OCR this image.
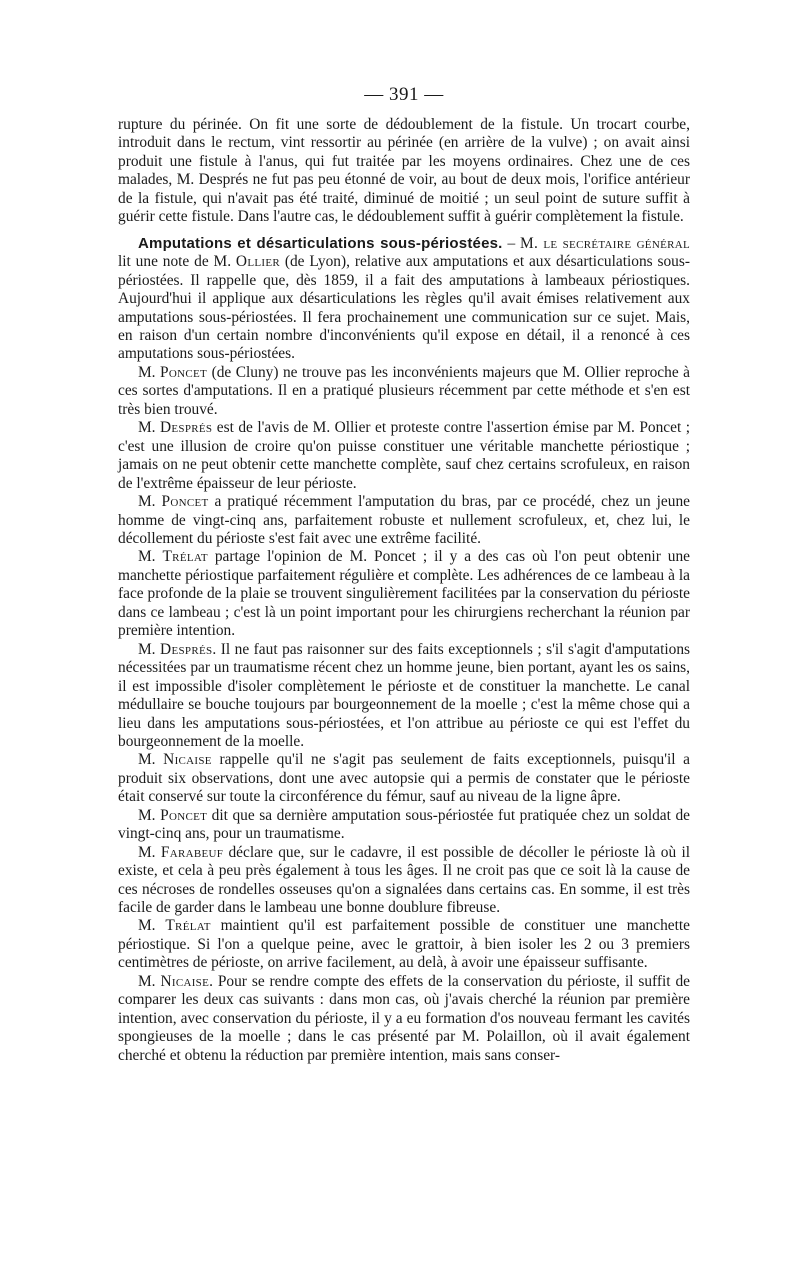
— 391 —

rupture du périnée. On fit une sorte de dédoublement de la fistule. Un trocart courbe, introduit dans le rectum, vint ressortir au périnée (en arrière de la vulve) ; on avait ainsi produit une fistule à l'anus, qui fut traitée par les moyens ordinaires. Chez une de ces malades, M. Després ne fut pas peu étonné de voir, au bout de deux mois, l'orifice antérieur de la fistule, qui n'avait pas été traité, diminué de moitié ; un seul point de suture suffit à guérir cette fistule. Dans l'autre cas, le dédoublement suffit à guérir complètement la fistule.

Amputations et désarticulations sous-périostées. – M. le secrétaire général lit une note de M. Ollier (de Lyon), relative aux amputations et aux désarticulations sous-périostées. Il rappelle que, dès 1859, il a fait des amputations à lambeaux périostiques. Aujourd'hui il applique aux désarticulations les règles qu'il avait émises relativement aux amputations sous-périostées. Il fera prochainement une communication sur ce sujet. Mais, en raison d'un certain nombre d'inconvénients qu'il expose en détail, il a renoncé à ces amputations sous-périostées.

M. Poncet (de Cluny) ne trouve pas les inconvénients majeurs que M. Ollier reproche à ces sortes d'amputations. Il en a pratiqué plusieurs récemment par cette méthode et s'en est très bien trouvé.

M. Després est de l'avis de M. Ollier et proteste contre l'assertion émise par M. Poncet ; c'est une illusion de croire qu'on puisse constituer une véritable manchette périostique ; jamais on ne peut obtenir cette manchette complète, sauf chez certains scrofuleux, en raison de l'extrême épaisseur de leur périoste.

M. Poncet a pratiqué récemment l'amputation du bras, par ce procédé, chez un jeune homme de vingt-cinq ans, parfaitement robuste et nullement scrofuleux, et, chez lui, le décollement du périoste s'est fait avec une extrême facilité.

M. Trélat partage l'opinion de M. Poncet ; il y a des cas où l'on peut obtenir une manchette périostique parfaitement régulière et complète. Les adhérences de ce lambeau à la face profonde de la plaie se trouvent singulièrement facilitées par la conservation du périoste dans ce lambeau ; c'est là un point important pour les chirurgiens recherchant la réunion par première intention.

M. Després. Il ne faut pas raisonner sur des faits exceptionnels ; s'il s'agit d'amputations nécessitées par un traumatisme récent chez un homme jeune, bien portant, ayant les os sains, il est impossible d'isoler complètement le périoste et de constituer la manchette. Le canal médullaire se bouche toujours par bourgeonnement de la moelle ; c'est la même chose qui a lieu dans les amputations sous-périostées, et l'on attribue au périoste ce qui est l'effet du bourgeonnement de la moelle.

M. Nicaise rappelle qu'il ne s'agit pas seulement de faits exceptionnels, puisqu'il a produit six observations, dont une avec autopsie qui a permis de constater que le périoste était conservé sur toute la circonférence du fémur, sauf au niveau de la ligne âpre.

M. Poncet dit que sa dernière amputation sous-périostée fut pratiquée chez un soldat de vingt-cinq ans, pour un traumatisme.

M. Farabeuf déclare que, sur le cadavre, il est possible de décoller le périoste là où il existe, et cela à peu près également à tous les âges. Il ne croit pas que ce soit là la cause de ces nécroses de rondelles osseuses qu'on a signalées dans certains cas. En somme, il est très facile de garder dans le lambeau une bonne doublure fibreuse.

M. Trélat maintient qu'il est parfaitement possible de constituer une manchette périostique. Si l'on a quelque peine, avec le grattoir, à bien isoler les 2 ou 3 premiers centimètres de périoste, on arrive facilement, au delà, à avoir une épaisseur suffisante.

M. Nicaise. Pour se rendre compte des effets de la conservation du périoste, il suffit de comparer les deux cas suivants : dans mon cas, où j'avais cherché la réunion par première intention, avec conservation du périoste, il y a eu formation d'os nouveau fermant les cavités spongieuses de la moelle ; dans le cas présenté par M. Polaillon, où il avait également cherché et obtenu la réduction par première intention, mais sans conser-
